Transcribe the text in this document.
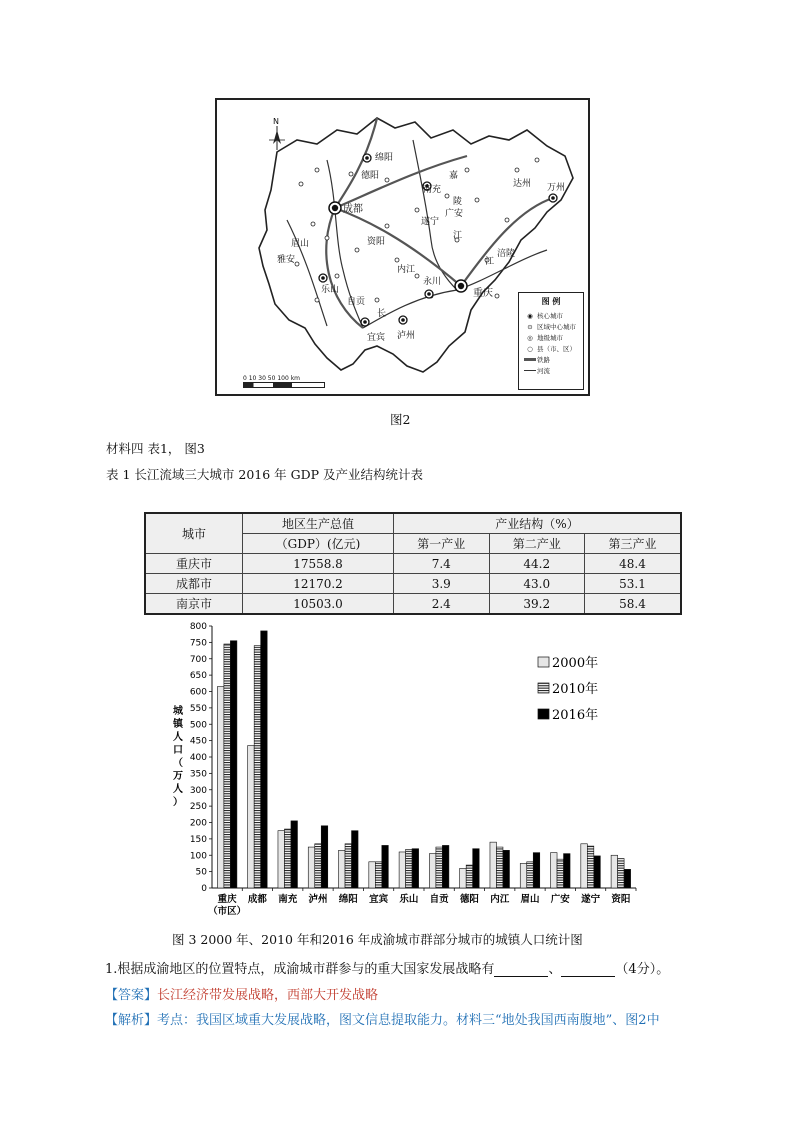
绵阳
德阳
成都
南充
遂宁
广安
达州 万州
眉山
雅安
资阳
乐山
内江
永川
重庆
涪陵
自贡
宜宾 泸州
嘉
陵
江
江
长
N
0 10 30 50 100 km
图 例
◉ 核心城市
⊙ 区域中心城市
◎ 地级城市
○ 县（市、区）
铁路
河流
图2
材料四 表1， 图3
表 1 长江流域三大城市 2016 年 GDP 及产业结构统计表
城市	地区生产总值	产业结构（%）		
	（GDP）(亿元)	第一产业	第二产业	第三产业
重庆市	17558.8	7.4	44.2	48.4
成都市	12170.2	3.9	43.0	53.1
南京市	10503.0	2.4	39.2	58.4
0
50
100
150
200
250
300
350
400
450
500
550
600
650
700
750
800
城
镇
人
口
（
万
人
）
重庆
（市区）
成都 南充 泸州 绵阳 宜宾 乐山 自贡 德阳 内江 眉山 广安 遂宁 资阳
2000年
2010年
2016年
图 3 2000 年、2010 年和2016 年成渝城市群部分城市的城镇人口统计图
1.根据成渝地区的位置特点，成渝城市群参与的重大国家发展战略有	、	（4分）。
【答案】长江经济带发展战略，西部大开发战略
【解析】考点：我国区域重大发展战略，图文信息提取能力。材料三“地处我国西南腹地”、图2中
